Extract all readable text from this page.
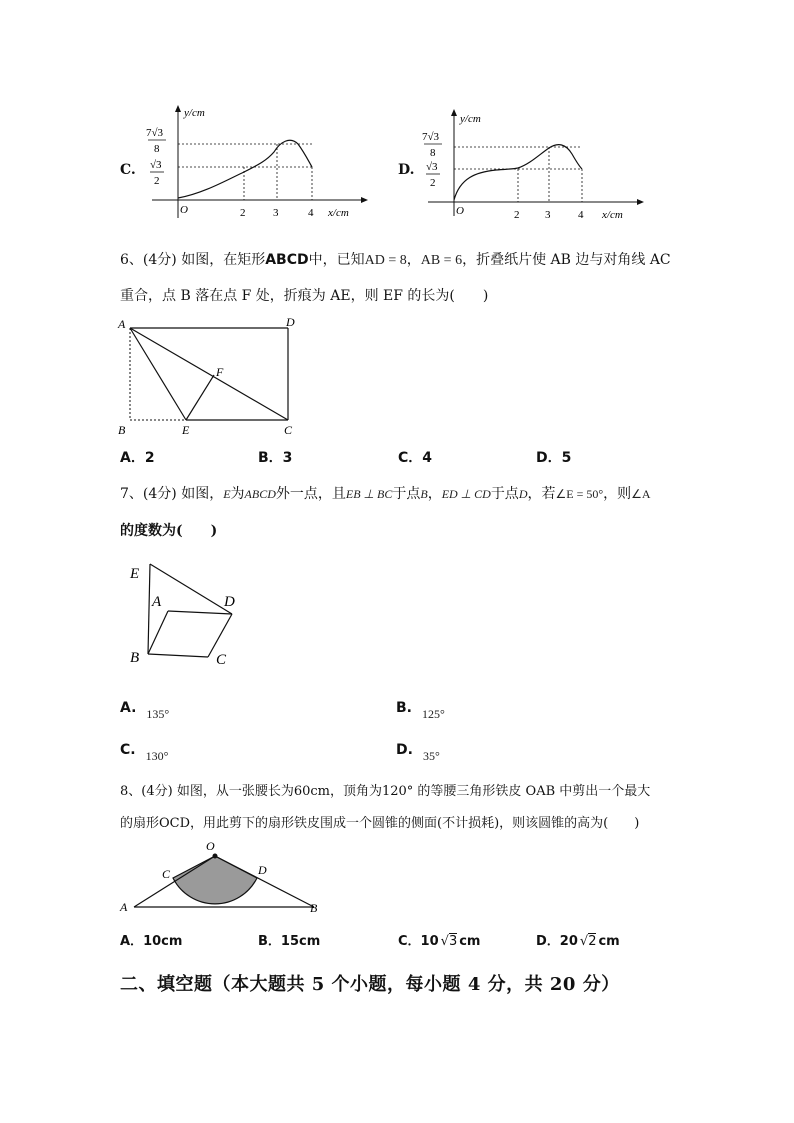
C.
y/cm
x/cm
O
7√3
8
√3
2
2	3	4
D.
y/cm
x/cm
O
7√3
8
√3
2
2 3	4
6、(4分) 如图，在矩形ABCD中，已知AD = 8，AB = 6，折叠纸片使 AB 边与对角线 AC
重合，点 B 落在点 F 处，折痕为 AE，则 EF 的长为(　　)
A	D
B	E	C
F
A．2	B．3	C．4	D．5
7、(4分) 如图，E为ABCD外一点，且EB ⊥ BC于点B，ED ⊥ CD于点D，若∠E = 50°，则∠A
的度数为(　　)
E
A	D
B	C
A. 135°	B. 125°
C. 130°	D. 35°
8、(4分) 如图，从一张腰长为60cm，顶角为120° 的等腰三角形铁皮 OAB 中剪出一个最大
的扇形OCD，用此剪下的扇形铁皮围成一个圆锥的侧面(不计损耗)，则该圆锥的高为(　　)
O
C	D
A	B
A．10cm	B．15cm	C．10 √3 cm	D．20 √2 cm
二、填空题（本大题共 5 个小题，每小题 4 分，共 20 分）
